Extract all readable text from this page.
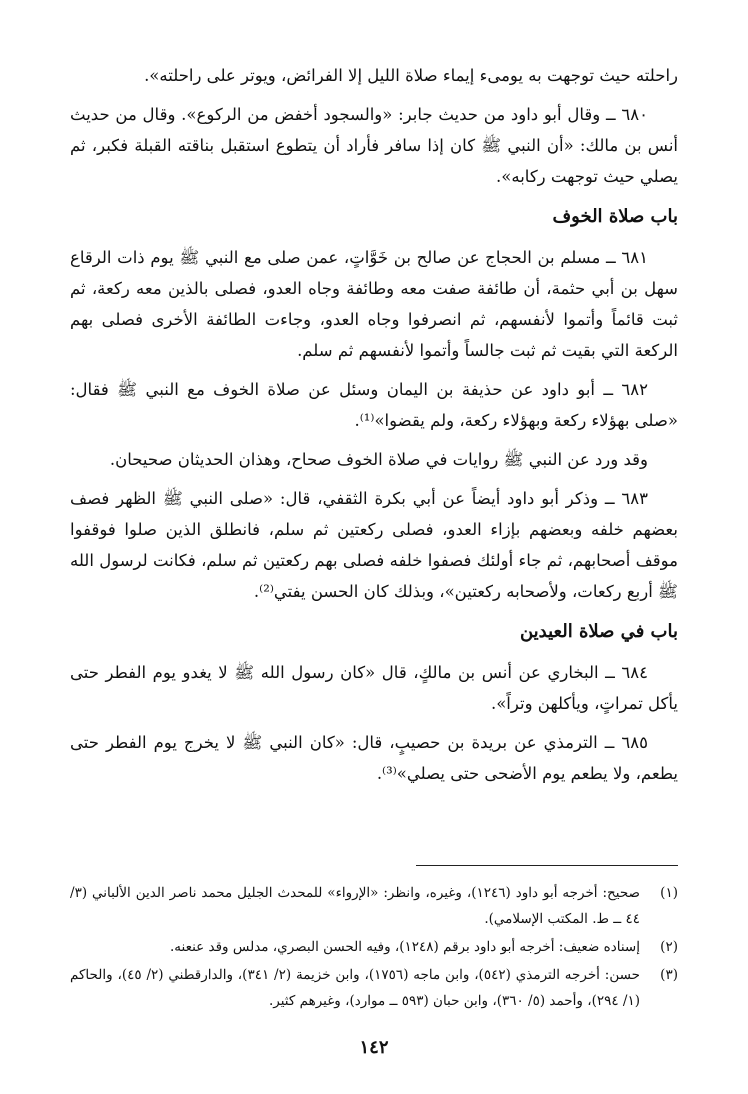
راحلته حيث توجهت به يومىء إيماء صلاة الليل إلا الفرائض، ويوتر على راحلته».

٦٨٠ ــ وقال أبو داود من حديث جابر: «والسجود أخفض من الركوع». وقال من حديث أنس بن مالك: «أن النبي ﷺ كان إذا سافر فأراد أن يتطوع استقبل بناقته القبلة فكبر، ثم يصلي حيث توجهت ركابه».

باب صلاة الخوف

٦٨١ ــ مسلم بن الحجاج عن صالح بن خَوَّاتٍ، عمن صلى مع النبي ﷺ يوم ذات الرقاع سهل بن أبي حثمة، أن طائفة صفت معه وطائفة وجاه العدو، فصلى بالذين معه ركعة، ثم ثبت قائماً وأتموا لأنفسهم، ثم انصرفوا وجاه العدو، وجاءت الطائفة الأخرى فصلى بهم الركعة التي بقيت ثم ثبت جالساً وأتموا لأنفسهم ثم سلم.

٦٨٢ ــ أبو داود عن حذيفة بن اليمان وسئل عن صلاة الخوف مع النبي ﷺ فقال: «صلى بهؤلاء ركعة وبهؤلاء ركعة، ولم يقضوا»⁽¹⁾.

وقد ورد عن النبي ﷺ روايات في صلاة الخوف صحاح، وهذان الحديثان صحيحان.

٦٨٣ ــ وذكر أبو داود أيضاً عن أبي بكرة الثقفي، قال: «صلى النبي ﷺ الظهر فصف بعضهم خلفه وبعضهم بإزاء العدو، فصلى ركعتين ثم سلم، فانطلق الذين صلوا فوقفوا موقف أصحابهم، ثم جاء أولئك فصفوا خلفه فصلى بهم ركعتين ثم سلم، فكانت لرسول الله ﷺ أربع ركعات، ولأصحابه ركعتين»، وبذلك كان الحسن يفتي⁽²⁾.

باب في صلاة العيدين

٦٨٤ ــ البخاري عن أنس بن مالكٍ، قال «كان رسول الله ﷺ لا يغدو يوم الفطر حتى يأكل تمراتٍ، ويأكلهن وتراً».

٦٨٥ ــ الترمذي عن بريدة بن حصيبٍ، قال: «كان النبي ﷺ لا يخرج يوم الفطر حتى يطعم، ولا يطعم يوم الأضحى حتى يصلي»⁽³⁾.

(١)
صحيح: أخرجه أبو داود (١٢٤٦)، وغيره، وانظر: «الإرواء» للمحدث الجليل محمد ناصر الدين الألباني (٣/ ٤٤ ــ ط. المكتب الإسلامي).
(٢)
إسناده ضعيف: أخرجه أبو داود برقم (١٢٤٨)، وفيه الحسن البصري، مدلس وقد عنعنه.
(٣)
حسن: أخرجه الترمذي (٥٤٢)، وابن ماجه (١٧٥٦)، وابن خزيمة (٢/ ٣٤١)، والدارقطني (٢/ ٤٥)، والحاكم (١/ ٢٩٤)، وأحمد (٥/ ٣٦٠)، وابن حبان (٥٩٣ ــ موارد)، وغيرهم كثير.
١٤٢
